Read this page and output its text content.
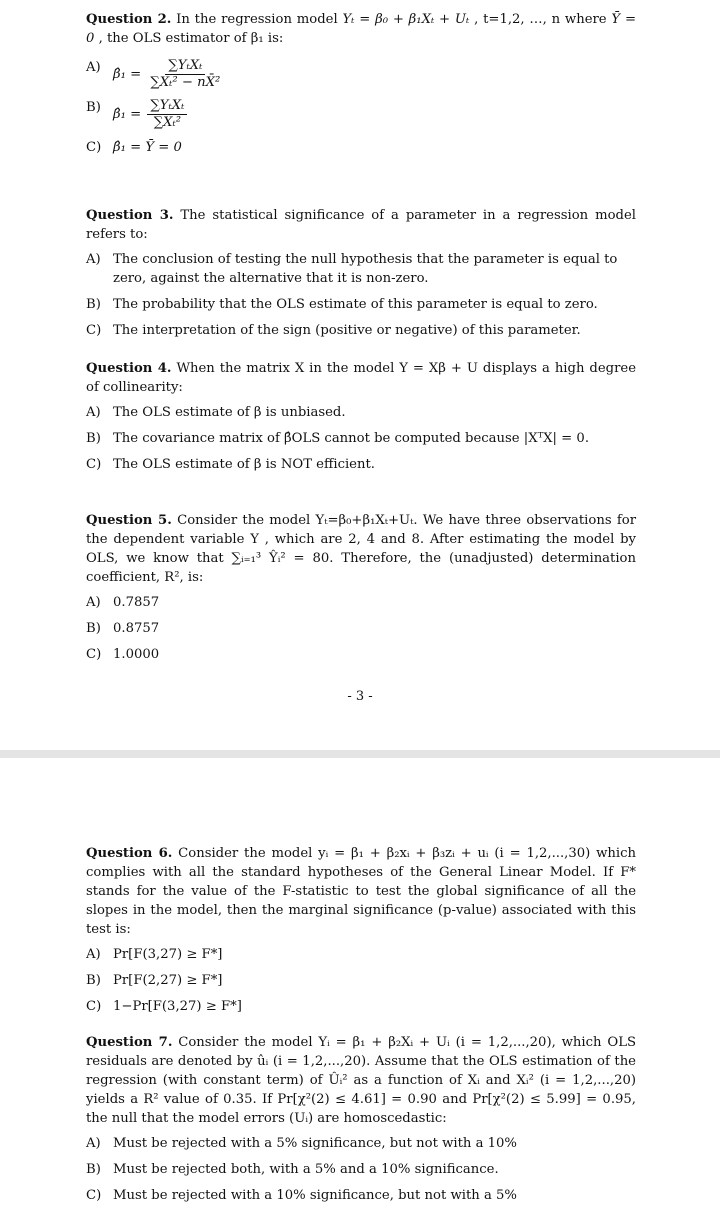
Question 2. In the regression model Yₜ = β₀ + β₁Xₜ + Uₜ , t=1,2, …, n where Ȳ = 0 , the OLS estimator of β₁ is:

A) β̂₁ = $\frac{\text{∑YₜXₜ}}{\text{∑Xₜ² − nX̄²}}$
B) β̂₁ = $\frac{\text{∑YₜXₜ}}{\text{∑Xₜ²}}$
C) β̂₁ = Ȳ = 0

Question 3. The statistical significance of a parameter in a regression model refers to:

A) The conclusion of testing the null hypothesis that the parameter is equal to zero, against the alternative that it is non-zero.
B) The probability that the OLS estimate of this parameter is equal to zero.
C) The interpretation of the sign (positive or negative) of this parameter.

Question 4. When the matrix X in the model Y = Xβ + U displays a high degree of collinearity:

A) The OLS estimate of β is unbiased.
B) The covariance matrix of β̂OLS cannot be computed because |XᵀX| = 0.
C) The OLS estimate of β is NOT efficient.

Question 5. Consider the model Yₜ=β₀+β₁Xₜ+Uₜ. We have three observations for the dependent variable Y , which are 2, 4 and 8. After estimating the model by OLS, we know that ∑ᵢ₌₁³ Ŷᵢ² = 80. Therefore, the (unadjusted) determination coefficient, R², is:

A) 0.7857
B) 0.8757
C) 1.0000
- 3 -

Question 6. Consider the model yᵢ = β₁ + β₂xᵢ + β₃zᵢ + uᵢ (i = 1,2,...,30) which complies with all the standard hypotheses of the General Linear Model. If F* stands for the value of the F-statistic to test the global significance of all the slopes in the model, then the marginal significance (p-value) associated with this test is:

A) Pr[F(3,27) ≥ F*]
B) Pr[F(2,27) ≥ F*]
C) 1−Pr[F(3,27) ≥ F*]

Question 7. Consider the model Yᵢ = β₁ + β₂Xᵢ + Uᵢ (i = 1,2,...,20), which OLS residuals are denoted by ûᵢ (i = 1,2,...,20). Assume that the OLS estimation of the regression (with constant term) of Ûᵢ² as a function of Xᵢ and Xᵢ² (i = 1,2,...,20) yields a R² value of 0.35. If Pr[χ²(2) ≤ 4.61] = 0.90 and Pr[χ²(2) ≤ 5.99] = 0.95, the null that the model errors (Uᵢ) are homoscedastic:

A) Must be rejected with a 5% significance, but not with a 10%
B) Must be rejected both, with a 5% and a 10% significance.
C) Must be rejected with a 10% significance, but not with a 5%
